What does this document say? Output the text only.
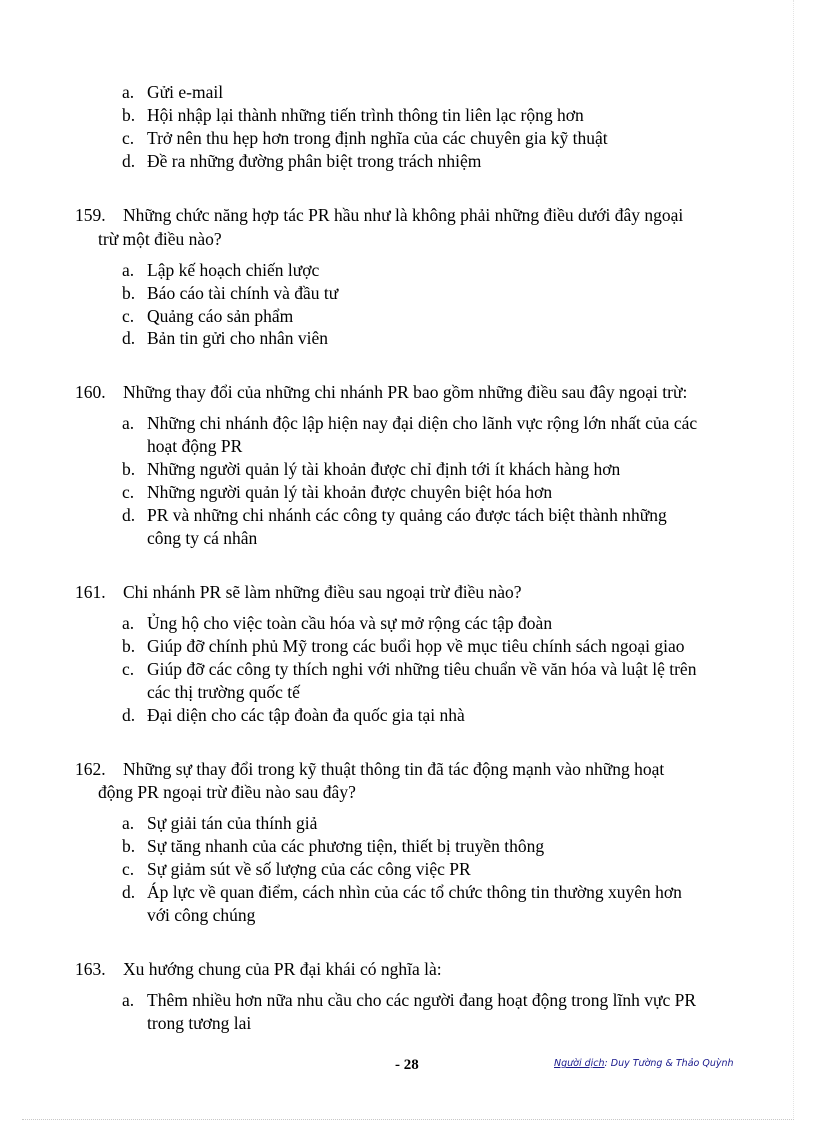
a. Gửi e-mail
b. Hội nhập lại thành những tiến trình thông tin liên lạc rộng hơn
c. Trở nên thu hẹp hơn trong định nghĩa của các chuyên gia kỹ thuật
d. Đề ra những đường phân biệt trong trách nhiệm
159. Những chức năng hợp tác PR hầu như là không phải những điều dưới đây ngoại
trừ một điều nào?
a. Lập kế hoạch chiến lược
b. Báo cáo tài chính và đầu tư
c. Quảng cáo sản phẩm
d. Bản tin gửi cho nhân viên
160. Những thay đổi của những chi nhánh PR bao gồm những điều sau đây ngoại trừ:
a. Những chi nhánh độc lập hiện nay đại diện cho lãnh vực rộng lớn nhất của các
hoạt động PR
b. Những người quản lý tài khoản được chỉ định tới ít khách hàng hơn
c. Những người quản lý tài khoản được chuyên biệt hóa hơn
d. PR và những chi nhánh các công ty quảng cáo được tách biệt thành những
công ty cá nhân
161. Chi nhánh PR sẽ làm những điều sau ngoại trừ điều nào?
a. Ủng hộ cho việc toàn cầu hóa và sự mở rộng các tập đoàn
b. Giúp đỡ chính phủ Mỹ trong các buổi họp về mục tiêu chính sách ngoại giao
c. Giúp đỡ các công ty thích nghi với những tiêu chuẩn về văn hóa và luật lệ trên
các thị trường quốc tế
d. Đại diện cho các tập đoàn đa quốc gia tại nhà
162. Những sự thay đổi trong kỹ thuật thông tin đã tác động mạnh vào những hoạt
động PR ngoại trừ điều nào sau đây?
a. Sự giải tán của thính giả
b. Sự tăng nhanh của các phương tiện, thiết bị truyền thông
c. Sự giảm sút về số lượng của các công việc PR
d. Áp lực về quan điểm, cách nhìn của các tổ chức thông tin thường xuyên hơn
với công chúng
163. Xu hướng chung của PR đại khái có nghĩa là:
a. Thêm nhiều hơn nữa nhu cầu cho các người đang hoạt động trong lĩnh vực PR
trong tương lai
- 28	Người dịch: Duy Tường & Thảo Quỳnh
